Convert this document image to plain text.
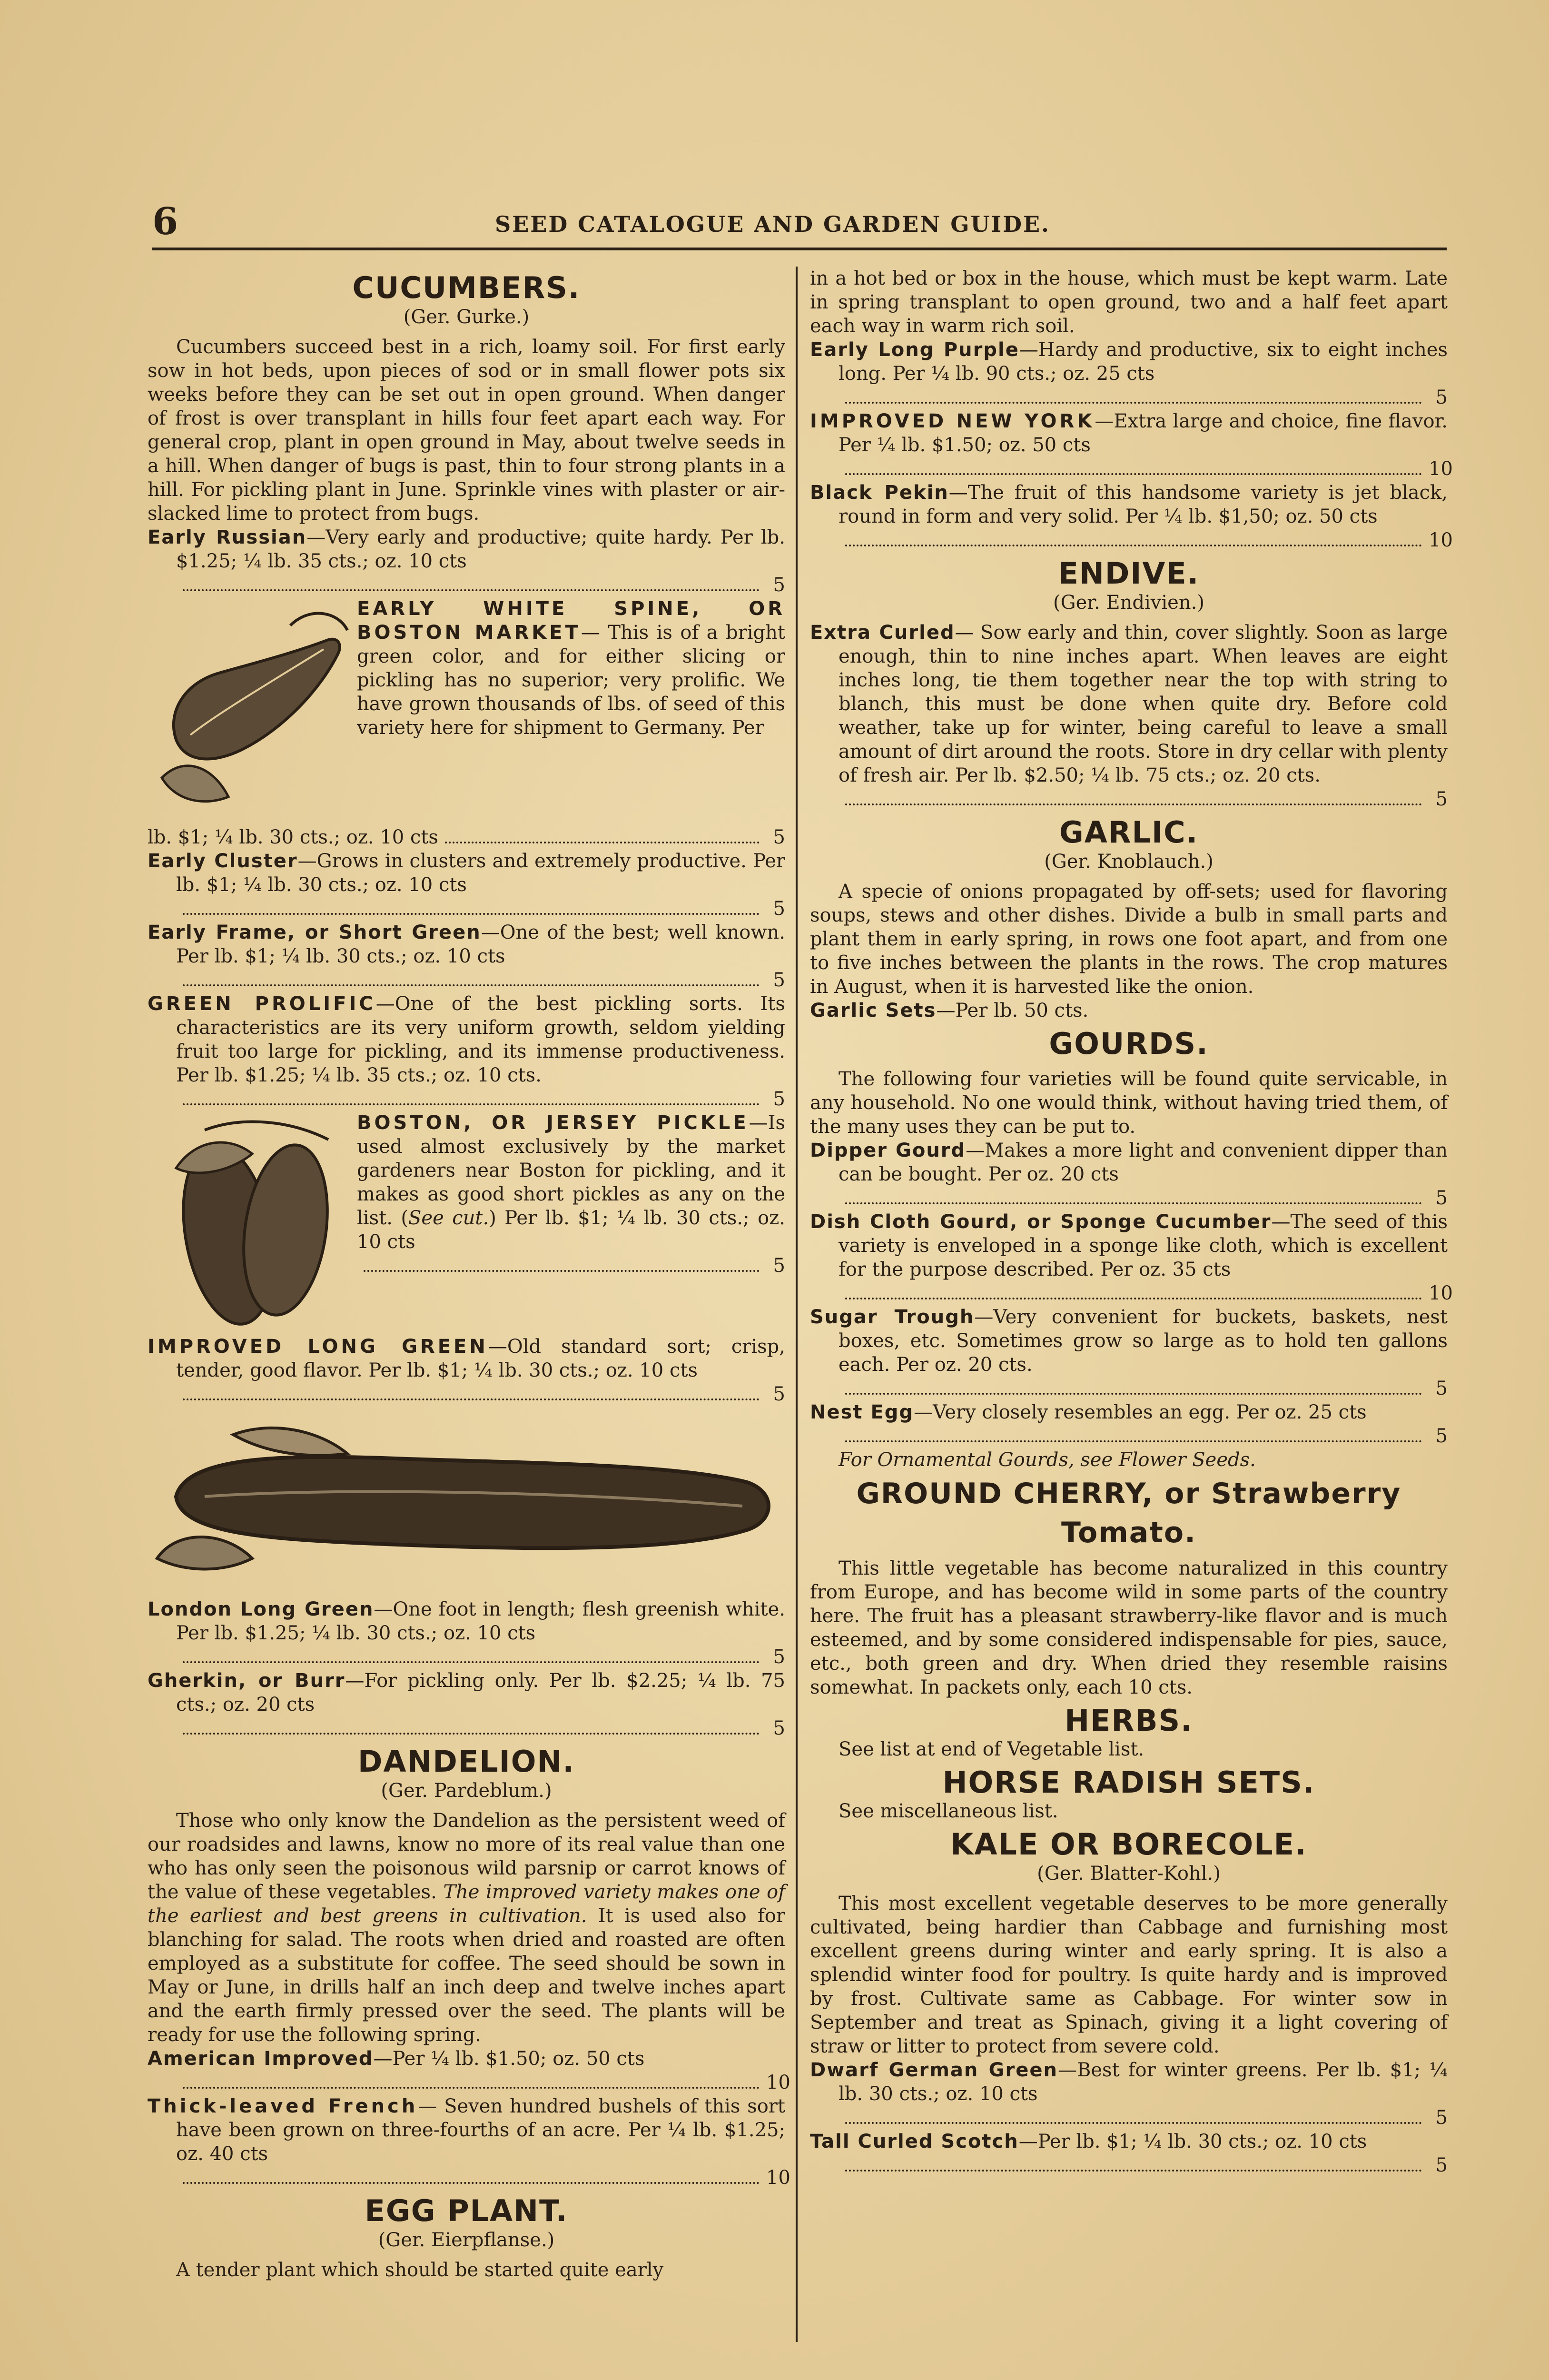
6	SEED CATALOGUE AND GARDEN GUIDE.
CUCUMBERS.
(Ger. Gurke.)
Cucumbers succeed best in a rich, loamy soil. For first early sow in hot beds, upon pieces of sod or in small flower pots six weeks before they can be set out in open ground. When danger of frost is over transplant in hills four feet apart each way. For general crop, plant in open ground in May, about twelve seeds in a hill. When danger of bugs is past, thin to four strong plants in a hill. For pickling plant in June. Sprinkle vines with plaster or air-slacked lime to protect from bugs.
Early Russian—Very early and productive; quite hardy. Per lb. $1.25; ¼ lb. 35 cts.; oz. 10 cts
5
EARLY WHITE SPINE, OR BOSTON MARKET— This is of a bright green color, and for either slicing or pickling has no superior; very prolific. We have grown thousands of lbs. of seed of this variety here for shipment to Germany. Per
lb. $1; ¼ lb. 30 cts.; oz. 10 cts	5
Early Cluster—Grows in clusters and extremely productive. Per lb. $1; ¼ lb. 30 cts.; oz. 10 cts
5
Early Frame, or Short Green—One of the best; well known. Per lb. $1; ¼ lb. 30 cts.; oz. 10 cts
5
GREEN PROLIFIC—One of the best pickling sorts. Its characteristics are its very uniform growth, seldom yielding fruit too large for pickling, and its immense productiveness. Per lb. $1.25; ¼ lb. 35 cts.; oz. 10 cts.
5
BOSTON, OR JERSEY PICKLE—Is used almost exclusively by the market gardeners near Boston for pickling, and it makes as good short pickles as any on the list. (See cut.) Per lb. $1; ¼ lb. 30 cts.; oz. 10 cts
5
IMPROVED LONG GREEN—Old standard sort; crisp, tender, good flavor. Per lb. $1; ¼ lb. 30 cts.; oz. 10 cts
5
London Long Green—One foot in length; flesh greenish white. Per lb. $1.25; ¼ lb. 30 cts.; oz. 10 cts
5
Gherkin, or Burr—For pickling only. Per lb. $2.25; ¼ lb. 75 cts.; oz. 20 cts
5
DANDELION.
(Ger. Pardeblum.)
Those who only know the Dandelion as the persistent weed of our roadsides and lawns, know no more of its real value than one who has only seen the poisonous wild parsnip or carrot knows of the value of these vegetables. The improved variety makes one of the earliest and best greens in cultivation. It is used also for blanching for salad. The roots when dried and roasted are often employed as a substitute for coffee. The seed should be sown in May or June, in drills half an inch deep and twelve inches apart and the earth firmly pressed over the seed. The plants will be ready for use the following spring.
American Improved—Per ¼ lb. $1.50; oz. 50 cts
10
Thick-leaved French— Seven hundred bushels of this sort have been grown on three-fourths of an acre. Per ¼ lb. $1.25; oz. 40 cts
10
EGG PLANT.
(Ger. Eierpflanse.)
A tender plant which should be started quite early
in a hot bed or box in the house, which must be kept warm. Late in spring transplant to open ground, two and a half feet apart each way in warm rich soil.
Early Long Purple—Hardy and productive, six to eight inches long. Per ¼ lb. 90 cts.; oz. 25 cts
5
IMPROVED NEW YORK—Extra large and choice, fine flavor. Per ¼ lb. $1.50; oz. 50 cts
10
Black Pekin—The fruit of this handsome variety is jet black, round in form and very solid. Per ¼ lb. $1,50; oz. 50 cts
10
ENDIVE.
(Ger. Endivien.)
Extra Curled— Sow early and thin, cover slightly. Soon as large enough, thin to nine inches apart. When leaves are eight inches long, tie them together near the top with string to blanch, this must be done when quite dry. Before cold weather, take up for winter, being careful to leave a small amount of dirt around the roots. Store in dry cellar with plenty of fresh air. Per lb. $2.50; ¼ lb. 75 cts.; oz. 20 cts.
5
GARLIC.
(Ger. Knoblauch.)
A specie of onions propagated by off-sets; used for flavoring soups, stews and other dishes. Divide a bulb in small parts and plant them in early spring, in rows one foot apart, and from one to five inches between the plants in the rows. The crop matures in August, when it is harvested like the onion.
Garlic Sets—Per lb. 50 cts.
GOURDS.
The following four varieties will be found quite servicable, in any household. No one would think, without having tried them, of the many uses they can be put to.
Dipper Gourd—Makes a more light and convenient dipper than can be bought. Per oz. 20 cts
5
Dish Cloth Gourd, or Sponge Cucumber—The seed of this variety is enveloped in a sponge like cloth, which is excellent for the purpose described. Per oz. 35 cts
10
Sugar Trough—Very convenient for buckets, baskets, nest boxes, etc. Sometimes grow so large as to hold ten gallons each. Per oz. 20 cts.
5
Nest Egg—Very closely resembles an egg. Per oz. 25 cts
5
For Ornamental Gourds, see Flower Seeds.
GROUND CHERRY, or Strawberry
Tomato.
This little vegetable has become naturalized in this country from Europe, and has become wild in some parts of the country here. The fruit has a pleasant strawberry-like flavor and is much esteemed, and by some considered indispensable for pies, sauce, etc., both green and dry. When dried they resemble raisins somewhat. In packets only, each 10 cts.
HERBS.
See list at end of Vegetable list.
HORSE RADISH SETS.
See miscellaneous list.
KALE OR BORECOLE.
(Ger. Blatter-Kohl.)
This most excellent vegetable deserves to be more generally cultivated, being hardier than Cabbage and furnishing most excellent greens during winter and early spring. It is also a splendid winter food for poultry. Is quite hardy and is improved by frost. Cultivate same as Cabbage. For winter sow in September and treat as Spinach, giving it a light covering of straw or litter to protect from severe cold.
Dwarf German Green—Best for winter greens. Per lb. $1; ¼ lb. 30 cts.; oz. 10 cts
5
Tall Curled Scotch—Per lb. $1; ¼ lb. 30 cts.; oz. 10 cts
5
